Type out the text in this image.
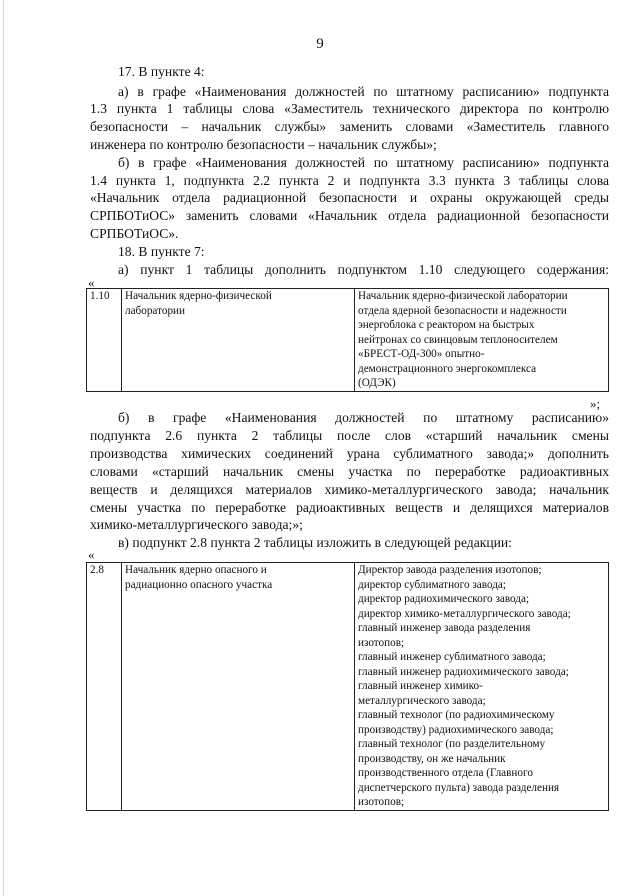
9
17. В пункте 4:
а) в графе «Наименования должностей по штатному расписанию» подпункта
1.3 пункта 1 таблицы слова «Заместитель технического директора по контролю
безопасности – начальник службы» заменить словами «Заместитель главного
инженера по контролю безопасности – начальник службы»;
б) в графе «Наименования должностей по штатному расписанию» подпункта
1.4 пункта 1, подпункта 2.2 пункта 2 и подпункта 3.3 пункта 3 таблицы слова
«Начальник отдела радиационной безопасности и охраны окружающей среды
СРПБОТиОС» заменить словами «Начальник отдела радиационной безопасности
СРПБОТиОС».
18. В пункте 7:
а) пункт 1 таблицы дополнить подпунктом 1.10 следующего содержания:
«
1.10	Начальник ядерно-физической
лаборатории

Начальник ядерно-физической лаборатории
отдела ядерной безопасности и надежности
энергоблока с реактором на быстрых
нейтронах со свинцовым теплоносителем
«БРЕСТ-ОД-300» опытно-
демонстрационного энергокомплекса
(ОДЭК)
»;
б) в графе «Наименования должностей по штатному расписанию»
подпункта 2.6 пункта 2 таблицы после слов «старший начальник смены
производства химических соединений урана сублиматного завода;» дополнить
словами «старший начальник смены участка по переработке радиоактивных
веществ и делящихся материалов химико-металлургического завода; начальник
смены участка по переработке радиоактивных веществ и делящихся материалов
химико-металлургического завода;»;
в) подпункт 2.8 пункта 2 таблицы изложить в следующей редакции:
«
2.8	Начальник ядерно опасного и
радиационно опасного участка

Директор завода разделения изотопов;
директор сублиматного завода;
директор радиохимического завода;
директор химико-металлургического завода;
главный инженер завода разделения
изотопов;
главный инженер сублиматного завода;
главный инженер радиохимического завода;
главный инженер химико-
металлургического завода;
главный технолог (по радиохимическому
производству) радиохимического завода;
главный технолог (по разделительному
производству, он же начальник
производственного отдела (Главного
диспетчерского пульта) завода разделения
изотопов;
